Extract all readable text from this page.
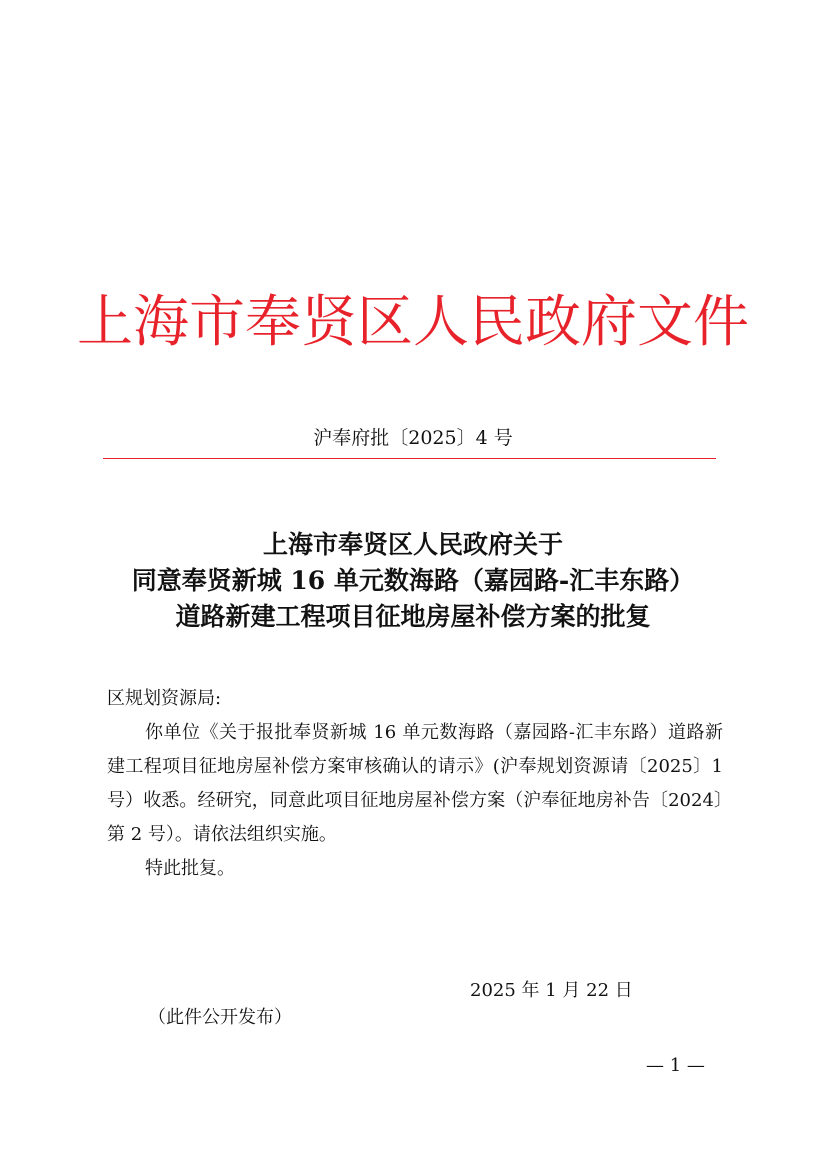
上海市奉贤区人民政府文件
沪奉府批〔2025〕4 号
上海市奉贤区人民政府关于
同意奉贤新城 16 单元数海路（嘉园路-汇丰东路）
道路新建工程项目征地房屋补偿方案的批复

区规划资源局:

你单位《关于报批奉贤新城 16 单元数海路（嘉园路-汇丰东路）道路新建工程项目征地房屋补偿方案审核确认的请示》(沪奉规划资源请〔2025〕1 号）收悉。经研究，同意此项目征地房屋补偿方案（沪奉征地房补告〔2024〕第 2 号）。请依法组织实施。

特此批复。

2025 年 1 月 22 日
（此件公开发布）
— 1 —
